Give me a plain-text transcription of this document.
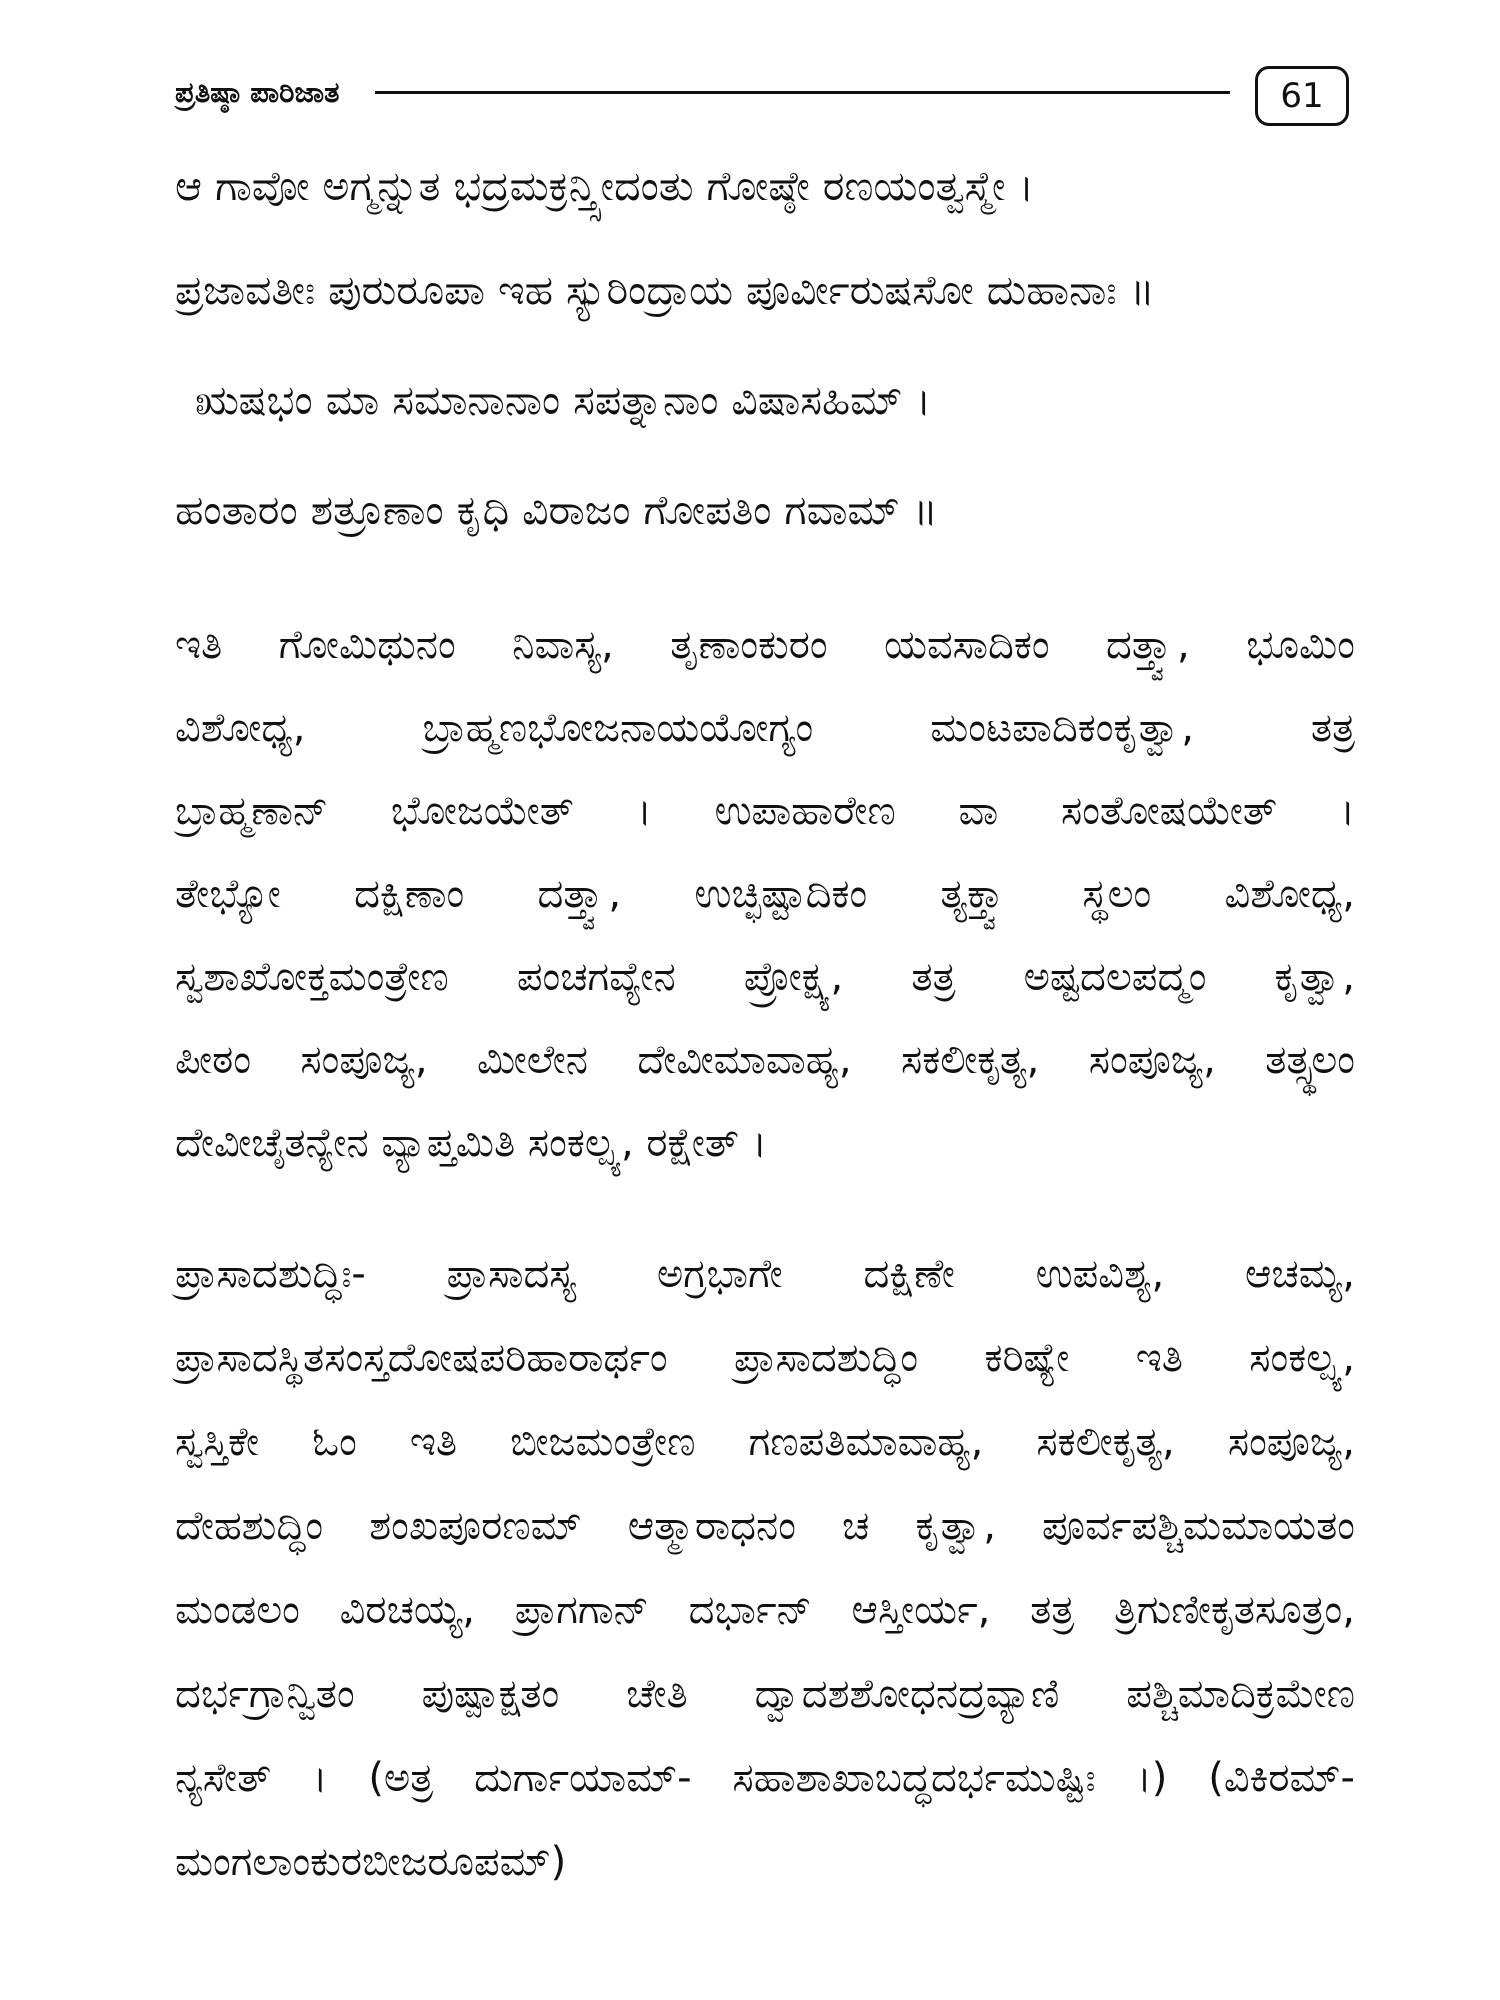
ಪ್ರತಿಷ್ಠಾ ಪಾರಿಜಾತ	61
ಆ ಗಾವೋ ಅಗ್ಮನ್ನುತ ಭದ್ರಮಕ್ರನ್ತ್ಸೀದಂತು ಗೋಷ್ಠೇ ರಣಯಂತ್ವಸ್ಮೇ ।
ಪ್ರಜಾವತೀಃ ಪುರುರೂಪಾ ಇಹ ಸ್ಯುರಿಂದ್ರಾಯ ಪೂರ್ವೀರುಷಸೋ ದುಹಾನಾಃ ॥
ಋಷಭಂ ಮಾ ಸಮಾನಾನಾಂ ಸಪತ್ನಾನಾಂ ವಿಷಾಸಹಿಮ್ ।
ಹಂತಾರಂ ಶತ್ರೂಣಾಂ ಕೃಧಿ ವಿರಾಜಂ ಗೋಪತಿಂ ಗವಾಮ್ ॥
ಇತಿ ಗೋಮಿಥುನಂ ನಿವಾಸ್ಯ, ತೃಣಾಂಕುರಂ ಯವಸಾದಿಕಂ ದತ್ತ್ವಾ, ಭೂಮಿಂ
ವಿಶೋಧ್ಯ, ಬ್ರಾಹ್ಮಣಭೋಜನಾಯಯೋಗ್ಯಂ ಮಂಟಪಾದಿಕಂಕೃತ್ವಾ, ತತ್ರ
ಬ್ರಾಹ್ಮಣಾನ್ ಭೋಜಯೇತ್ । ಉಪಾಹಾರೇಣ ವಾ ಸಂತೋಷಯೇತ್ ।
ತೇಭ್ಯೋ ದಕ್ಷಿಣಾಂ ದತ್ತ್ವಾ, ಉಚ್ಛಿಷ್ಟಾದಿಕಂ ತ್ಯಕ್ತ್ವಾ ಸ್ಥಲಂ ವಿಶೋಧ್ಯ,
ಸ್ವಶಾಖೋಕ್ತಮಂತ್ರೇಣ ಪಂಚಗವ್ಯೇನ ಪ್ರೋಕ್ಷ್ಯ, ತತ್ರ ಅಷ್ಟದಲಪದ್ಮಂ ಕೃತ್ವಾ,
ಪೀಠಂ ಸಂಪೂಜ್ಯ, ಮೀಲೇನ ದೇವೀಮಾವಾಹ್ಯ, ಸಕಲೀಕೃತ್ಯ, ಸಂಪೂಜ್ಯ, ತತ್ಸ್ಥಲಂ
ದೇವೀಚೈತನ್ಯೇನ ವ್ಯಾಪ್ತಮಿತಿ ಸಂಕಲ್ಪ್ಯ, ರಕ್ಷೇತ್ ।
ಪ್ರಾಸಾದಶುದ್ಧಿಃ- ಪ್ರಾಸಾದಸ್ಯ ಅಗ್ರಭಾಗೇ ದಕ್ಷಿಣೇ ಉಪವಿಶ್ಯ, ಆಚಮ್ಯ,
ಪ್ರಾಸಾದಸ್ಥಿತಸಂಸ್ತದೋಷಪರಿಹಾರಾರ್ಥಂ ಪ್ರಾಸಾದಶುದ್ಧಿಂ ಕರಿಷ್ಯೇ ಇತಿ ಸಂಕಲ್ಪ್ಯ,
ಸ್ವಸ್ತಿಕೇ ಓಂ ಇತಿ ಬೀಜಮಂತ್ರೇಣ ಗಣಪತಿಮಾವಾಹ್ಯ, ಸಕಲೀಕೃತ್ಯ, ಸಂಪೂಜ್ಯ,
ದೇಹಶುದ್ಧಿಂ ಶಂಖಪೂರಣಮ್ ಆತ್ಮಾರಾಧನಂ ಚ ಕೃತ್ವಾ, ಪೂರ್ವಪಶ್ಚಿಮಮಾಯತಂ
ಮಂಡಲಂ ವಿರಚಯ್ಯ, ಪ್ರಾಗಗಾನ್ ದರ್ಭಾನ್ ಆಸ್ತೀರ್ಯ, ತತ್ರ ತ್ರಿಗುಣೀಕೃತಸೂತ್ರಂ,
ದರ್ಭಗ್ರಾನ್ವಿತಂ ಪುಷ್ಪಾಕ್ಷತಂ ಚೇತಿ ದ್ವಾದಶಶೋಧನದ್ರವ್ಯಾಣಿ ಪಶ್ಚಿಮಾದಿಕ್ರಮೇಣ
ನ್ಯಸೇತ್ । (ಅತ್ರ ದುರ್ಗಾಯಾಮ್- ಸಹಾಶಾಖಾಬದ್ಧದರ್ಭಮುಷ್ಟಿಃ ।) (ವಿಕಿರಮ್-
ಮಂಗಲಾಂಕುರಬೀಜರೂಪಮ್)
